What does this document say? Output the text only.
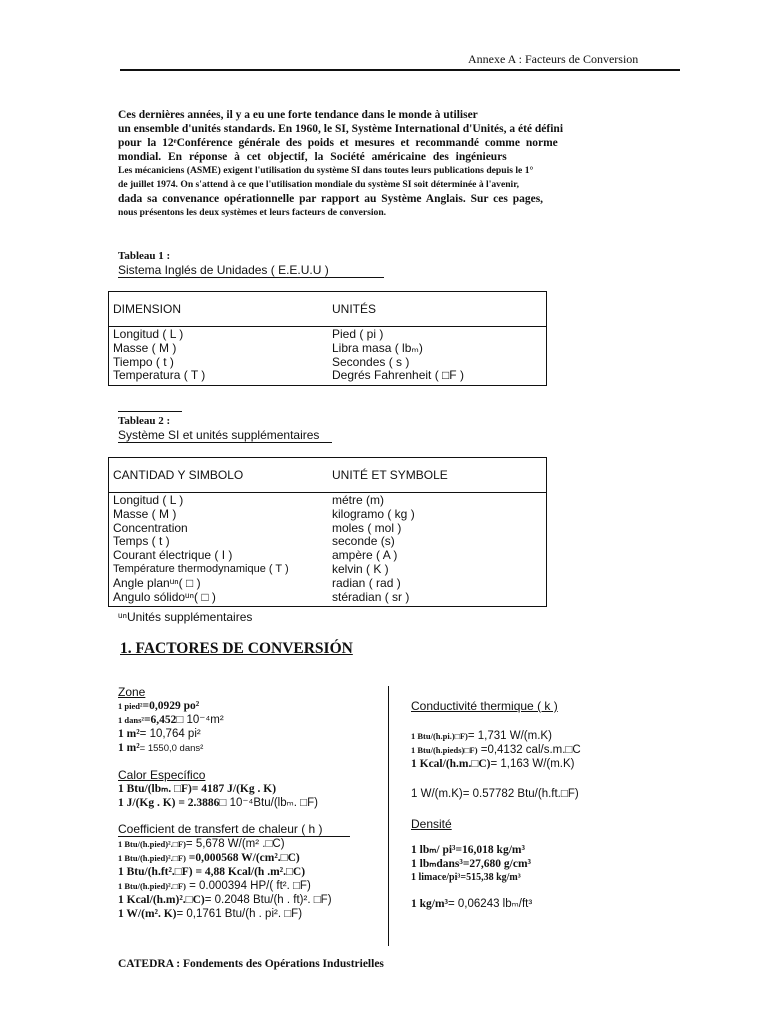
Annexe A : Facteurs de Conversion
Ces dernières années, il y a eu une forte tendance dans le monde à utiliser
un ensemble d'unités standards. En 1960, le SI, Système International d'Unités, a été défini
pour la 12ᵉConférence générale des poids et mesures et recommandé comme norme
mondial. En réponse à cet objectif, la Société américaine des ingénieurs
Les mécaniciens (ASME) exigent l'utilisation du système SI dans toutes leurs publications depuis le 1°
de juillet 1974. On s'attend à ce que l'utilisation mondiale du système SI soit déterminée à l'avenir,
dada sa convenance opérationnelle par rapport au Système Anglais. Sur ces pages,
nous présentons les deux systèmes et leurs facteurs de conversion.
Tableau 1 :
Sistema Inglés de Unidades ( E.E.U.U )
DIMENSION	UNITÉS
Longitud ( L )	Pied ( pi )
Masse ( M )	Libra masa ( lbₘ)
Tiempo ( t )	Secondes ( s )
Temperatura ( T )	Degrés Fahrenheit ( □F )
Tableau 2 :
Système SI et unités supplémentaires
CANTIDAD Y SIMBOLO	UNITÉ ET SYMBOLE
Longitud ( L )	métre (m)
Masse ( M )	kilogramo ( kg )
Concentration	moles ( mol )
Temps ( t )	seconde (s)
Courant électrique ( I )	ampère ( A )
Température thermodynamique ( T )	kelvin ( K )
Angle planᵘⁿ( □ )	radian ( rad )
Angulo sólidoᵘⁿ( □ )	stéradian ( sr )
ᵘⁿUnités supplémentaires
1. FACTORES DE CONVERSIÓN
Zone
1 pied²=0,0929 po²
1 dans²=6,452□ 10⁻⁴m²
1 m²= 10,764 pi²
1 m²= 1550,0 dans²
Calor Específico
1 Btu/(lbₘ. □F)= 4187 J/(Kg . K)
1 J/(Kg . K) = 2.3886□ 10⁻⁴Btu/(lbₘ. □F)
Coefficient de transfert de chaleur ( h )
1 Btu/(h.pied)².□F)= 5,678 W/(m² .□C)
1 Btu/(h.pied)².□F) =0,000568 W/(cm².□C)
1 Btu/(h.ft².□F) = 4,88 Kcal/(h .m².□C)
1 Btu/(h.pied)².□F) = 0.000394 HP/( ft². □F)
1 Kcal/(h.m)².□C)= 0.2048 Btu/(h . ft)². □F)
1 W/(m². K)= 0,1761 Btu/(h . pi². □F)
Conductivité thermique ( k )
1 Btu/(h.pi.)□F)= 1,731 W/(m.K)
1 Btu/(h.pieds)□F) =0,4132 cal/s.m.□C
1 Kcal/(h.m.□C)= 1,163 W/(m.K)
1 W/(m.K)= 0.57782 Btu/(h.ft.□F)
Densité
1 lbₘ/ pi³=16,018 kg/m³
1 lbₘdans³=27,680 g/cm³
1 limace/pi³=515,38 kg/m³
1 kg/m³= 0,06243 lbₘ/ft³
CATEDRA : Fondements des Opérations Industrielles
